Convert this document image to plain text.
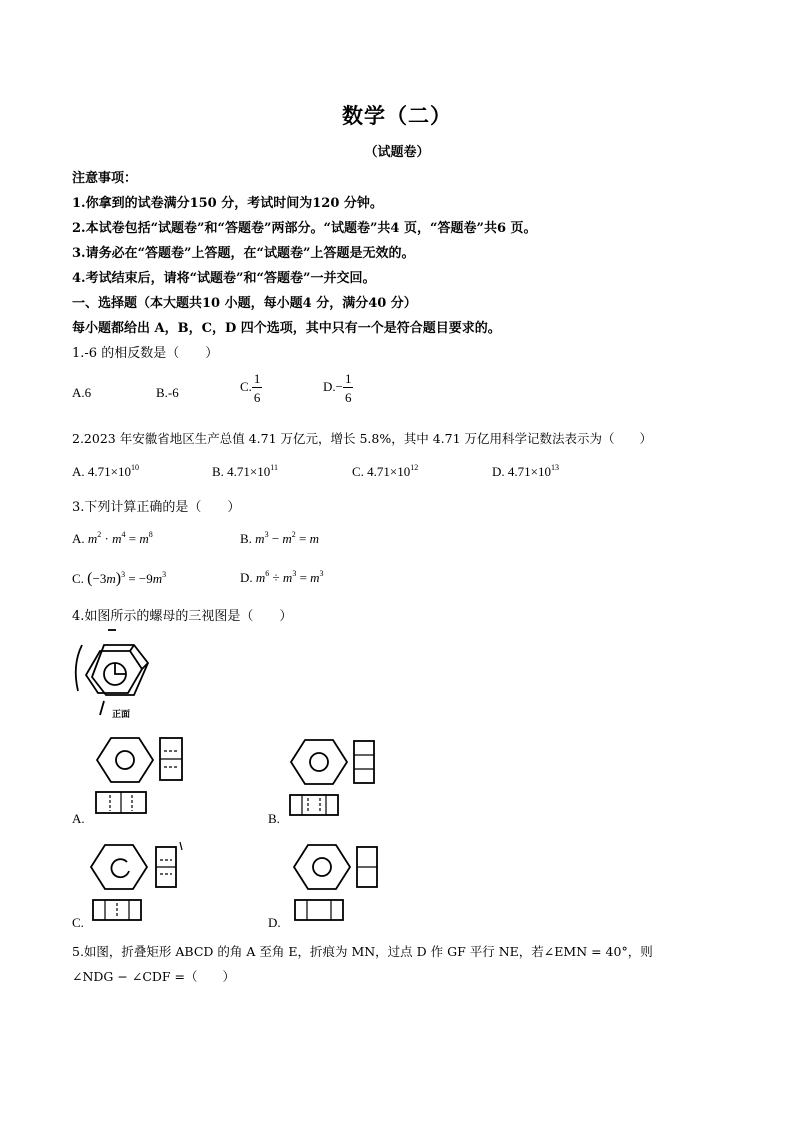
数学（二）
（试题卷）
注意事项：
1.你拿到的试卷满分150 分，考试时间为120 分钟。
2.本试卷包括“试题卷”和“答题卷”两部分。“试题卷”共4 页，“答题卷”共6 页。
3.请务必在“答题卷”上答题，在“试题卷”上答题是无效的。
4.考试结束后，请将“试题卷”和“答题卷”一并交回。
一、选择题（本大题共10 小题，每小题4 分，满分40 分）
每小题都给出 A，B，C，D 四个选项，其中只有一个是符合题目要求的。
1.-6 的相反数是（　　）
A.6	B.-6	C. $\frac{1}{6}$	$D.- \frac{1}{6}$
2.2023 年安徽省地区生产总值 4.71 万亿元，增长 5.8%，其中 4.71 万亿用科学记数法表示为（　　）
A. $4.71\times 10^{10}$	B. $4.71\times 10^{11}$	C. $4.71\times 10^{12}$	D. $4.71\times 10^{13}$
3.下列计算正确的是（　　）
A. $m^2 \cdot m^4 = m^8$	B. $m^3 - m^2 = m$
C. $(-3m)^3 = -9m^3$	D. $m^6 \div m^3 = m^3$
4.如图所示的螺母的三视图是（　　）
正面
A.	B.
C.	D.
5.如图，折叠矩形 ABCD 的角 A 至角 E，折痕为 MN，过点 D 作 GF 平行 NE，若∠EMN = 40°，则
∠NDG − ∠CDF =（　　）
